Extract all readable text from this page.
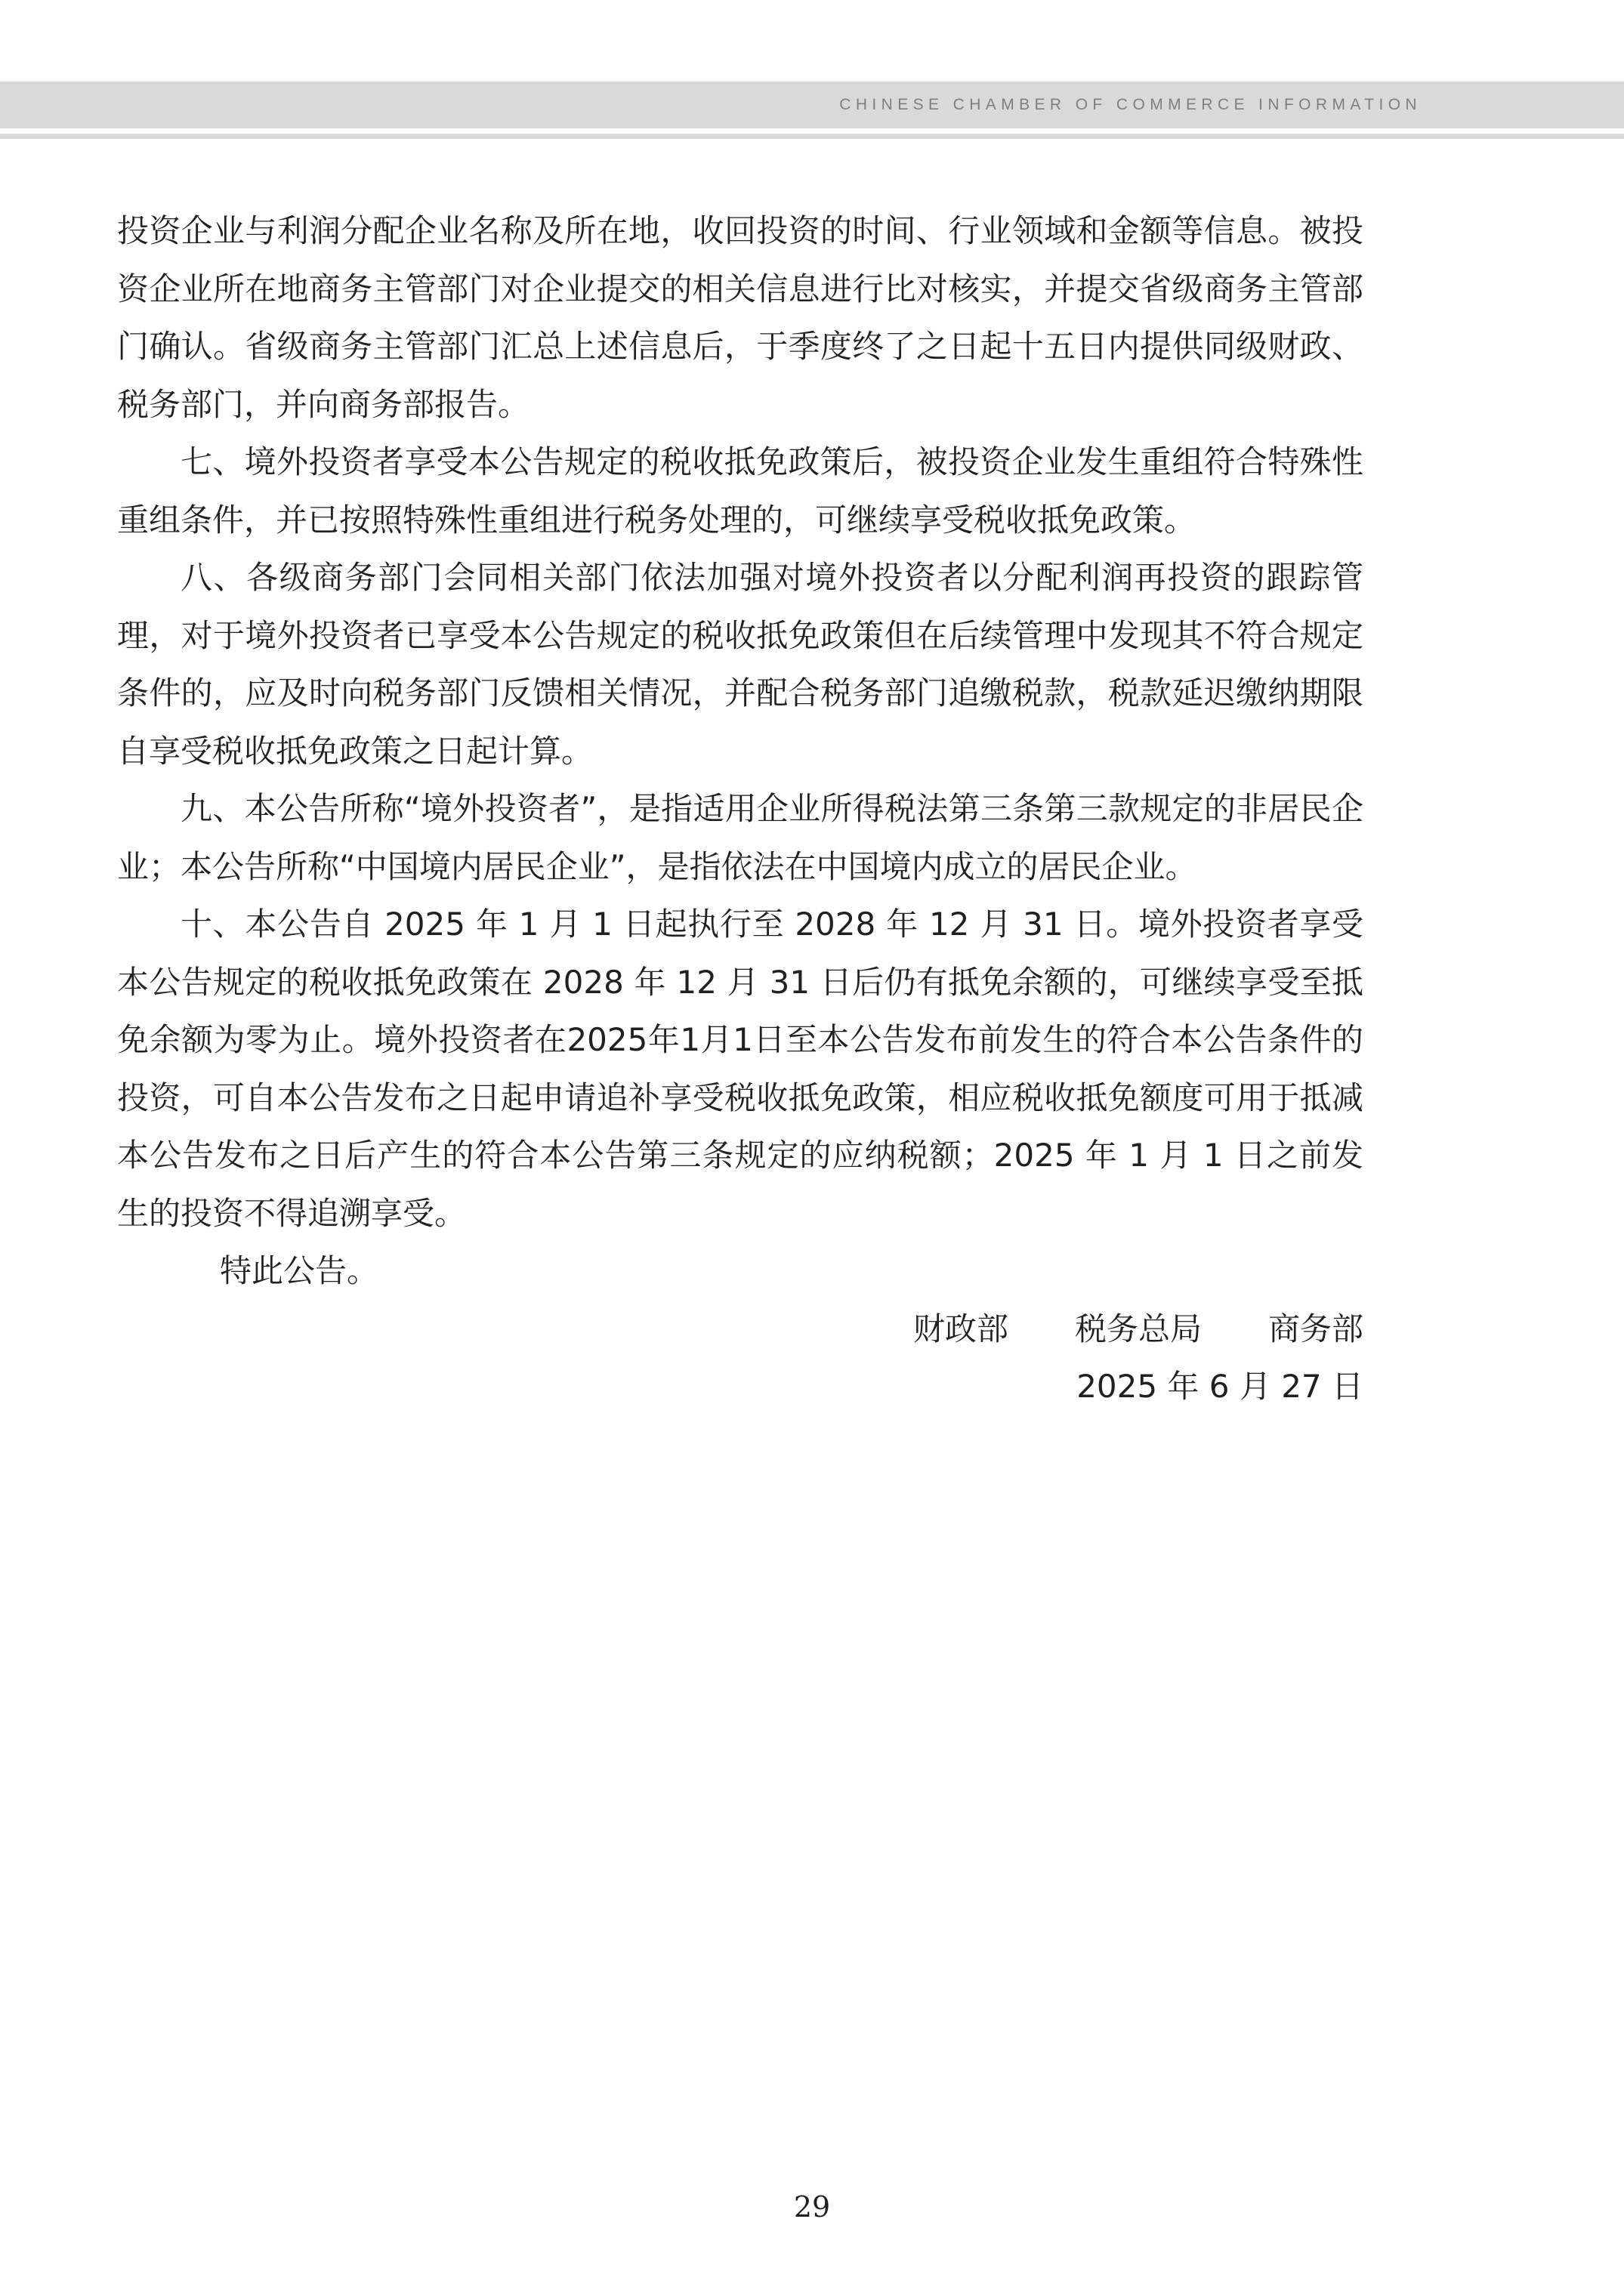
CHINESE CHAMBER OF COMMERCE INFORMATION

投资企业与利润分配企业名称及所在地，收回投资的时间、行业领域和金额等信息。被投资企业所在地商务主管部门对企业提交的相关信息进行比对核实，并提交省级商务主管部门确认。省级商务主管部门汇总上述信息后，于季度终了之日起十五日内提供同级财政、税务部门，并向商务部报告。

七、境外投资者享受本公告规定的税收抵免政策后，被投资企业发生重组符合特殊性重组条件，并已按照特殊性重组进行税务处理的，可继续享受税收抵免政策。

八、各级商务部门会同相关部门依法加强对境外投资者以分配利润再投资的跟踪管理，对于境外投资者已享受本公告规定的税收抵免政策但在后续管理中发现其不符合规定条件的，应及时向税务部门反馈相关情况，并配合税务部门追缴税款，税款延迟缴纳期限自享受税收抵免政策之日起计算。

九、本公告所称“境外投资者”，是指适用企业所得税法第三条第三款规定的非居民企业；本公告所称“中国境内居民企业”，是指依法在中国境内成立的居民企业。

十、本公告自 2025 年 1 月 1 日起执行至 2028 年 12 月 31 日。境外投资者享受本公告规定的税收抵免政策在 2028 年 12 月 31 日后仍有抵免余额的，可继续享受至抵免余额为零为止。境外投资者在2025年1月1日至本公告发布前发生的符合本公告条件的投资，可自本公告发布之日起申请追补享受税收抵免政策，相应税收抵免额度可用于抵减本公告发布之日后产生的符合本公告第三条规定的应纳税额；2025 年 1 月 1 日之前发生的投资不得追溯享受。

特此公告。

财政部 税务总局 商务部

2025 年 6 月 27 日

29
